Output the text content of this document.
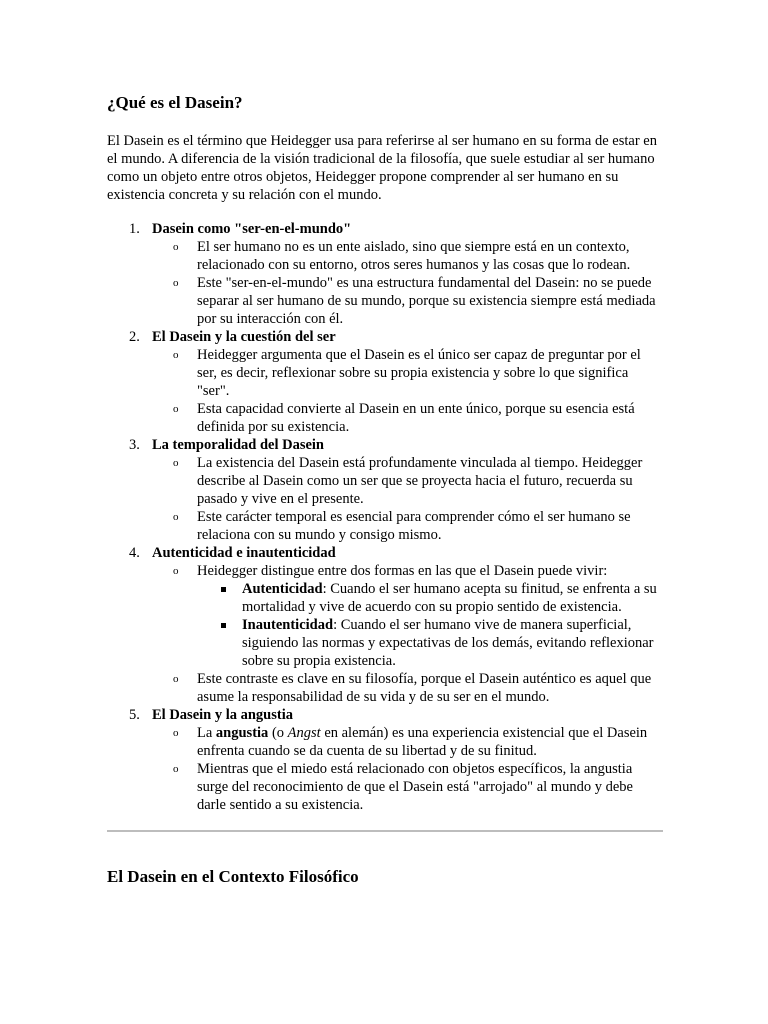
¿Qué es el Dasein?

El Dasein es el término que Heidegger usa para referirse al ser humano en su forma de estar en el mundo. A diferencia de la visión tradicional de la filosofía, que suele estudiar al ser humano como un objeto entre otros objetos, Heidegger propone comprender al ser humano en su existencia concreta y su relación con el mundo.

1. Dasein como "ser-en-el-mundo"
o El ser humano no es un ente aislado, sino que siempre está en un contexto, relacionado con su entorno, otros seres humanos y las cosas que lo rodean.
o Este "ser-en-el-mundo" es una estructura fundamental del Dasein: no se puede separar al ser humano de su mundo, porque su existencia siempre está mediada por su interacción con él.
2. El Dasein y la cuestión del ser
o Heidegger argumenta que el Dasein es el único ser capaz de preguntar por el ser, es decir, reflexionar sobre su propia existencia y sobre lo que significa "ser".
o Esta capacidad convierte al Dasein en un ente único, porque su esencia está definida por su existencia.
3. La temporalidad del Dasein
o La existencia del Dasein está profundamente vinculada al tiempo. Heidegger describe al Dasein como un ser que se proyecta hacia el futuro, recuerda su pasado y vive en el presente.
o Este carácter temporal es esencial para comprender cómo el ser humano se relaciona con su mundo y consigo mismo.
4. Autenticidad e inautenticidad
o Heidegger distingue entre dos formas en las que el Dasein puede vivir:
Autenticidad: Cuando el ser humano acepta su finitud, se enfrenta a su mortalidad y vive de acuerdo con su propio sentido de existencia.
Inautenticidad: Cuando el ser humano vive de manera superficial, siguiendo las normas y expectativas de los demás, evitando reflexionar sobre su propia existencia.
o Este contraste es clave en su filosofía, porque el Dasein auténtico es aquel que asume la responsabilidad de su vida y de su ser en el mundo.
5. El Dasein y la angustia
o La angustia (o Angst en alemán) es una experiencia existencial que el Dasein enfrenta cuando se da cuenta de su libertad y de su finitud.
o Mientras que el miedo está relacionado con objetos específicos, la angustia surge del reconocimiento de que el Dasein está "arrojado" al mundo y debe darle sentido a su existencia.
El Dasein en el Contexto Filosófico
